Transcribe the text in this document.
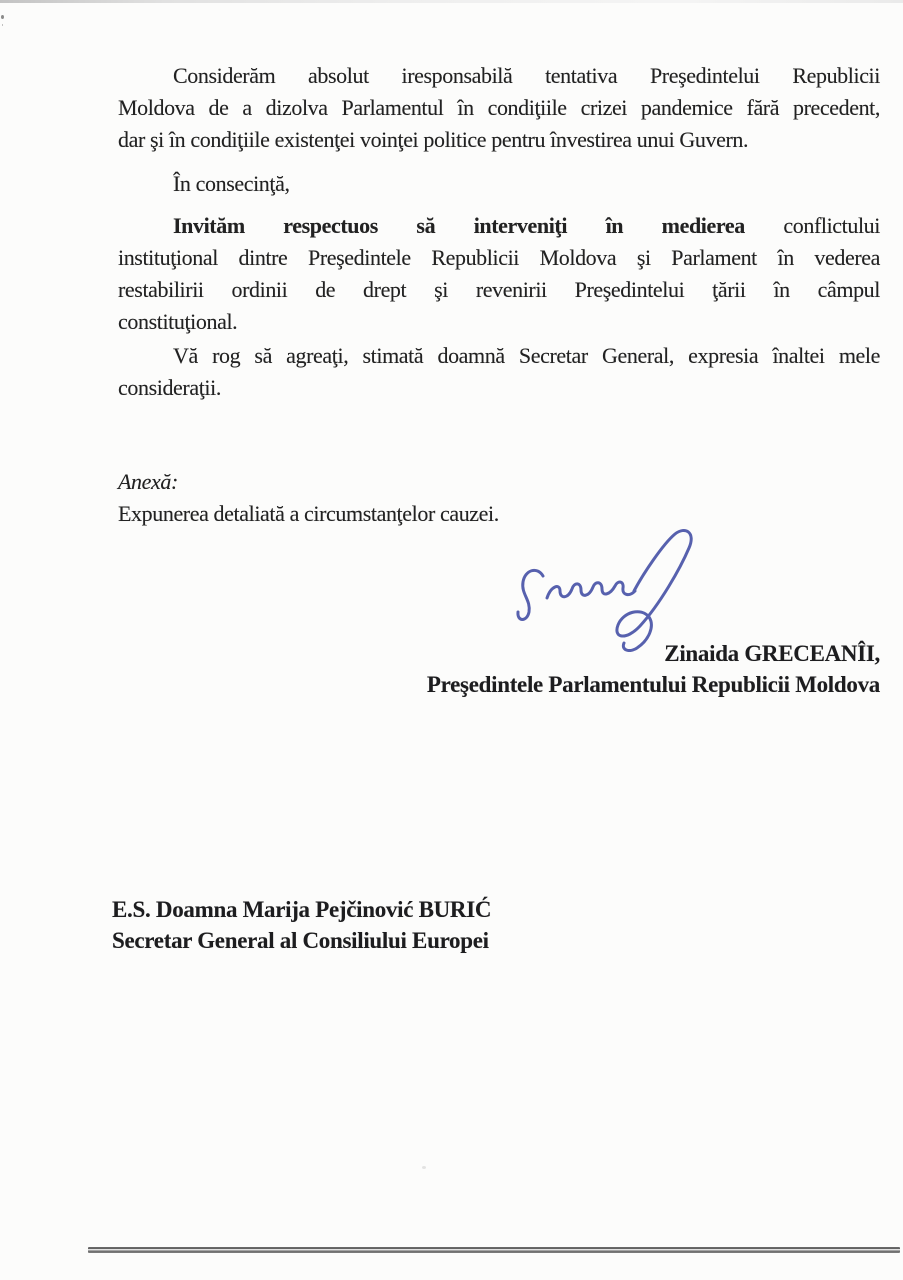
Considerăm absolut iresponsabilă tentativa Preşedintelui Republicii
Moldova de a dizolva Parlamentul în condiţiile crizei pandemice fără precedent,
dar şi în condiţiile existenţei voinţei politice pentru învestirea unui Guvern.
În consecinţă,
Invităm respectuos să interveniţi în medierea conflictului
instituţional dintre Preşedintele Republicii Moldova şi Parlament în vederea
restabilirii ordinii de drept şi revenirii Preşedintelui ţării în câmpul
constituţional.
Vă rog să agreaţi, stimată doamnă Secretar General, expresia înaltei mele
consideraţii.
Anexă:
Expunerea detaliată a circumstanţelor cauzei.
Zinaida GRECEANÎI,
Preşedintele Parlamentului Republicii Moldova
E.S. Doamna Marija Pejčinović BURIĆ
Secretar General al Consiliului Europei
